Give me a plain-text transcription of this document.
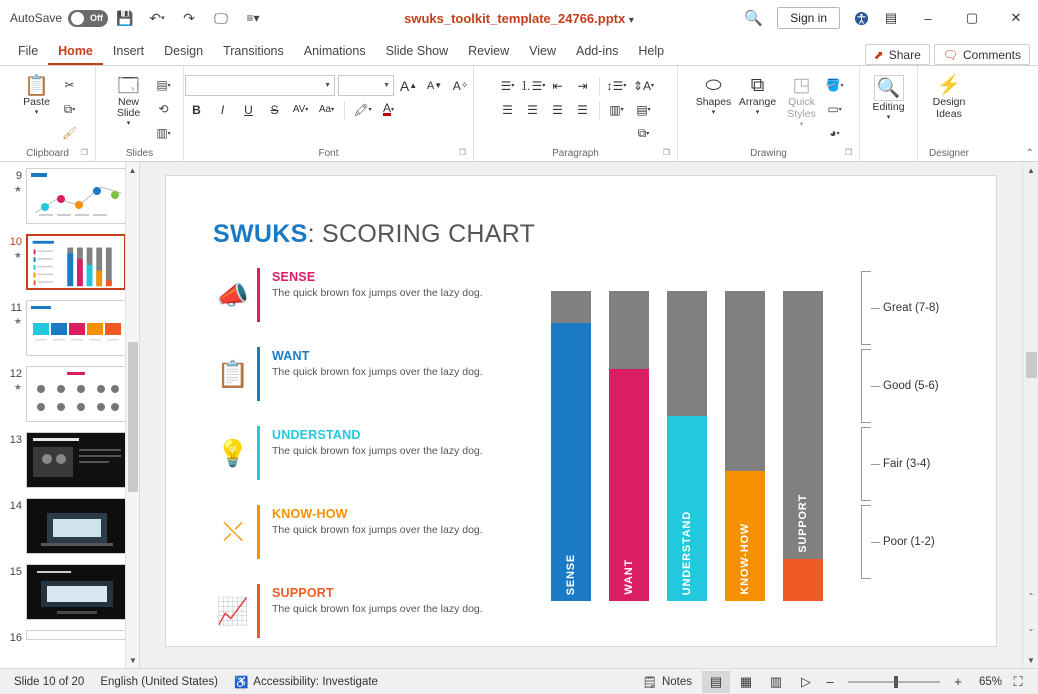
AutoSave	Off 💾	↶ ▾	↷	🖵	≡▾	swuks_toolkit_template_24766.pptx ▾	🔍	Sign in	▤	–	▢	✕
File	Home	Insert	Design	Transitions	Animations	Slide Show	Review	View	Add-ins	Help	⬈ Share 🗨 Comments
📋
Paste
▾
✂
⧉ ▾
🖌
Clipboard ❐
🗔
New
Slide
▾
▤ ▾
⟲
▥ ▾
Slides
▼	▼ A ▲ A ▼ A ✧
B	I	U	S	AV ▾	Aa ▾ 🖍 ▾ A ▾
Font	❐
☰ ▾ ⒈☰ ▾ ⇤	⇥	↕☰ ▾
☰	☰	☰	☰	▥ ▾
⇕A ▾
▤ ▾
⧉ ▾
Paragraph	❐
⬭
Shapes
▾
⧉
Arrange
▾
◳
Quick
Styles
▾
🪣 ▾
▭ ▾
◕ ▾
Drawing	❐
🔍
Editing
▾

⚡
Design
Ideas
Designer	⌃
9
★
10
★
11
★
12
★
13
14
15
16
▲
▼
SWUKS: SCORING CHART
📣
SENSE
The quick brown fox jumps over the lazy dog.
📋
WANT
The quick brown fox jumps over the lazy dog.
💡
UNDERSTAND
The quick brown fox jumps over the lazy dog.
⤬
KNOW-HOW
The quick brown fox jumps over the lazy dog.
📈
SUPPORT
The quick brown fox jumps over the lazy dog.
SENSE	WANT	UNDERSTAND	KNOW-HOW	SUPPORT
Great (7-8)
Good (5-6)
Fair (3-4)
Poor (1-2)
▲
⌃
⌄
▼
Slide 10 of 20	English (United States)	♿ Accessibility: Investigate	🗒 Notes	▤	▦	▥	▷	–	+	65% ⛶
